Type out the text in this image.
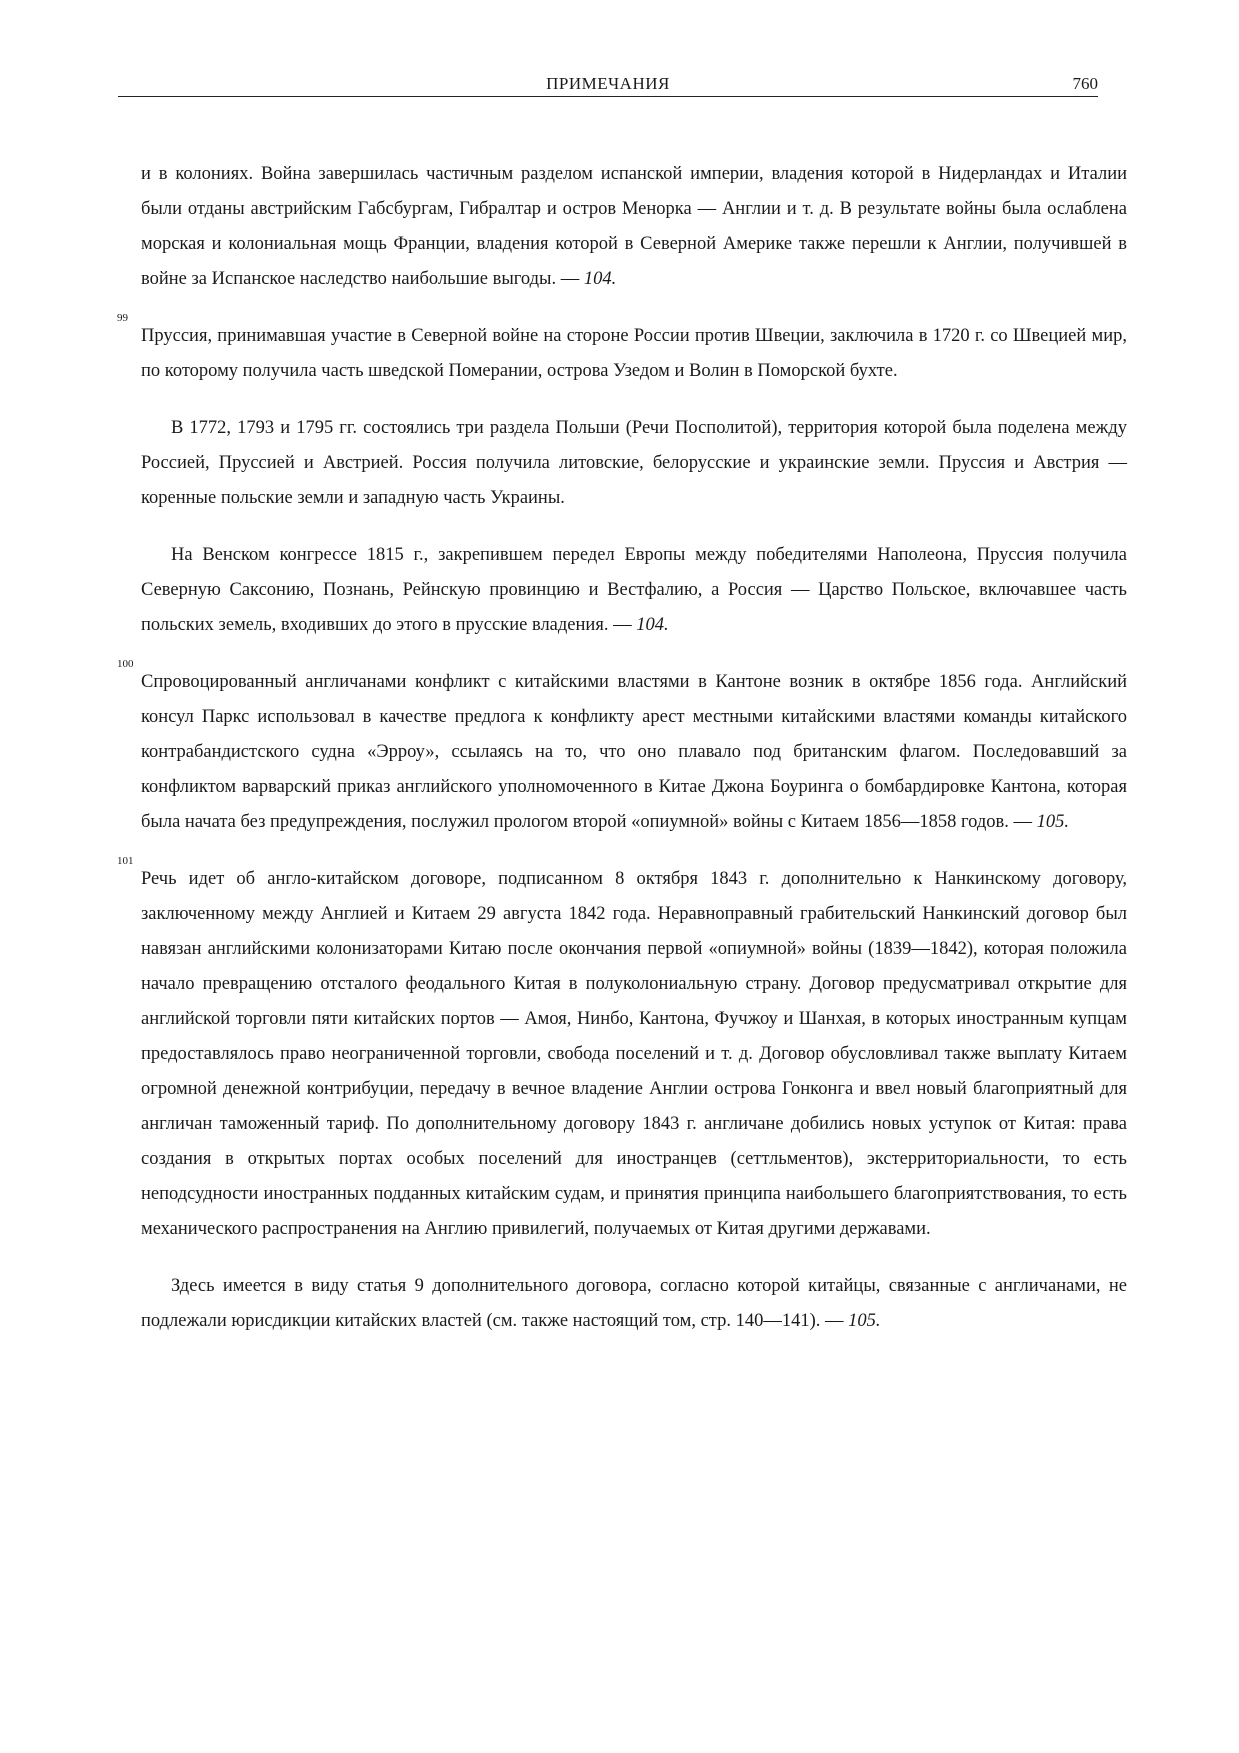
ПРИМЕЧАНИЯ	760

и в колониях. Война завершилась частичным разделом испанской империи, владения которой в Нидерландах и Италии были отданы австрийским Габсбургам, Гибралтар и остров Менорка — Англии и т. д. В результате войны была ослаблена морская и колониальная мощь Франции, владения которой в Северной Америке также перешли к Англии, получившей в войне за Испанское наследство наибольшие выгоды. — 104.

99
Пруссия, принимавшая участие в Северной войне на стороне России против Швеции, заключила в 1720 г. со Швецией мир, по которому получила часть шведской Померании, острова Узедом и Волин в Поморской бухте.

В 1772, 1793 и 1795 гг. состоялись три раздела Польши (Речи Посполитой), территория которой была поделена между Россией, Пруссией и Австрией. Россия получила литовские, белорусские и украинские земли. Пруссия и Австрия — коренные польские земли и западную часть Украины.

На Венском конгрессе 1815 г., закрепившем передел Европы между победителями Наполеона, Пруссия получила Северную Саксонию, Познань, Рейнскую провинцию и Вестфалию, а Россия — Царство Польское, включавшее часть польских земель, входивших до этого в прусские владения. — 104.

100
Спровоцированный англичанами конфликт с китайскими властями в Кантоне возник в октябре 1856 года. Английский консул Паркс использовал в качестве предлога к конфликту арест местными китайскими властями команды китайского контрабандистского судна «Эрроу», ссылаясь на то, что оно плавало под британским флагом. Последовавший за конфликтом варварский приказ английского уполномоченного в Китае Джона Боуринга о бомбардировке Кантона, которая была начата без предупреждения, послужил прологом второй «опиумной» войны с Китаем 1856—1858 годов. — 105.

101
Речь идет об англо-китайском договоре, подписанном 8 октября 1843 г. дополнительно к Нанкинскому договору, заключенному между Англией и Китаем 29 августа 1842 года. Неравноправный грабительский Нанкинский договор был навязан английскими колонизаторами Китаю после окончания первой «опиумной» войны (1839—1842), которая положила начало превращению отсталого феодального Китая в полуколониальную страну. Договор предусматривал открытие для английской торговли пяти китайских портов — Амоя, Нинбо, Кантона, Фучжоу и Шанхая, в которых иностранным купцам предоставлялось право неограниченной торговли, свобода поселений и т. д. Договор обусловливал также выплату Китаем огромной денежной контрибуции, передачу в вечное владение Англии острова Гонконга и ввел новый благоприятный для англичан таможенный тариф. По дополнительному договору 1843 г. англичане добились новых уступок от Китая: права создания в открытых портах особых поселений для иностранцев (сеттльментов), экстерриториальности, то есть неподсудности иностранных подданных китайским судам, и принятия принципа наибольшего благоприятствования, то есть механического распространения на Англию привилегий, получаемых от Китая другими державами.

Здесь имеется в виду статья 9 дополнительного договора, согласно которой китайцы, связанные с англичанами, не подлежали юрисдикции китайских властей (см. также настоящий том, стр. 140—141). — 105.
